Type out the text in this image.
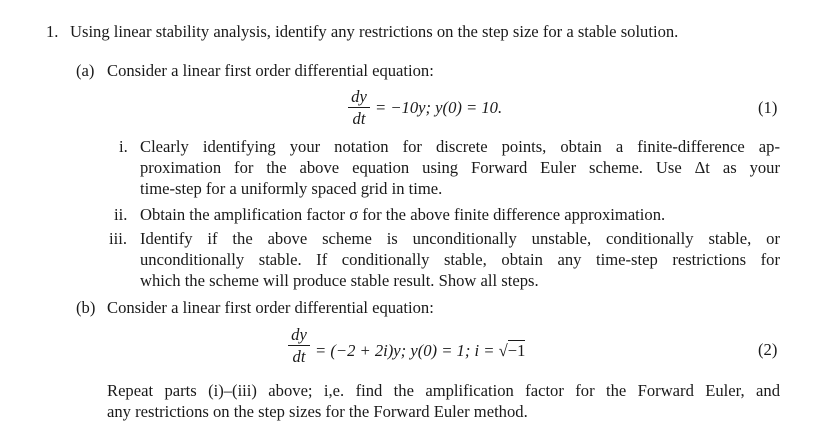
1. Using linear stability analysis, identify any restrictions on the step size for a stable solution.
(a) Consider a linear first order differential equation:
dy
dt
= −10y; y(0) = 10.	(1)
i. Clearly identifying your notation for discrete points, obtain a finite-difference ap-
proximation for the above equation using Forward Euler scheme. Use Δt as your
time-step for a uniformly spaced grid in time.
ii. Obtain the amplification factor σ for the above finite difference approximation.
iii. Identify if the above scheme is unconditionally unstable, conditionally stable, or
unconditionally stable. If conditionally stable, obtain any time-step restrictions for
which the scheme will produce stable result. Show all steps.
(b) Consider a linear first order differential equation:
dy
dt = (−2 + 2i)y; y(0) = 1; i = √−1	(2)
Repeat parts (i)–(iii) above; i,e. find the amplification factor for the Forward Euler, and
any restrictions on the step sizes for the Forward Euler method.
